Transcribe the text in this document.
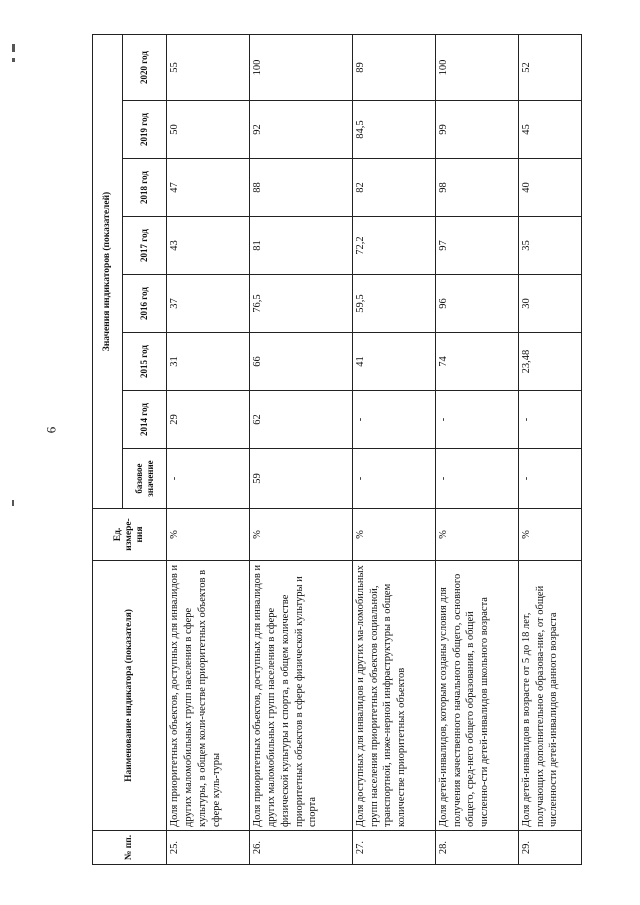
6
№ пп.	Наименование индикатора (показателя)	Ед. измере-ния	Значения индикаторов (показателей)							
			базовое значение	2014 год	2015 год	2016 год	2017 год	2018 год	2019 год	2020 год
25.	Доля приоритетных объектов, доступных для инвалидов и других маломобильных групп населения в сфере культуры, в общем коли-честве приоритетных объектов в сфере куль-туры	%	-	29	31	37	43	47	50	55
26.	Доля приоритетных объектов, доступных для инвалидов и других маломобильных групп населения в сфере физической культуры и спорта, в общем количестве приоритетных объектов в сфере физической культуры и спорта	%	59	62	66	76,5	81	88	92	100
27.	Доля доступных для инвалидов и других ма-ломобильных групп населения приоритетных объектов социальной, транспортной, инже-нерной инфраструктуры в общем количестве приоритетных объектов	%	-	-	41	59,5	72,2	82	84,5	89
28.	Доля детей-инвалидов, которым созданы условия для получения качественного начального общего, основного общего, сред-него общего образования, в общей численно-сти детей-инвалидов школьного возраста	%	-	-	74	96	97	98	99	100
29.	Доля детей-инвалидов в возрасте от 5 до 18 лет, получающих дополнительное образова-ние, от общей численности детей-инвалидов данного возраста	%	-	-	23,48	30	35	40	45	52
